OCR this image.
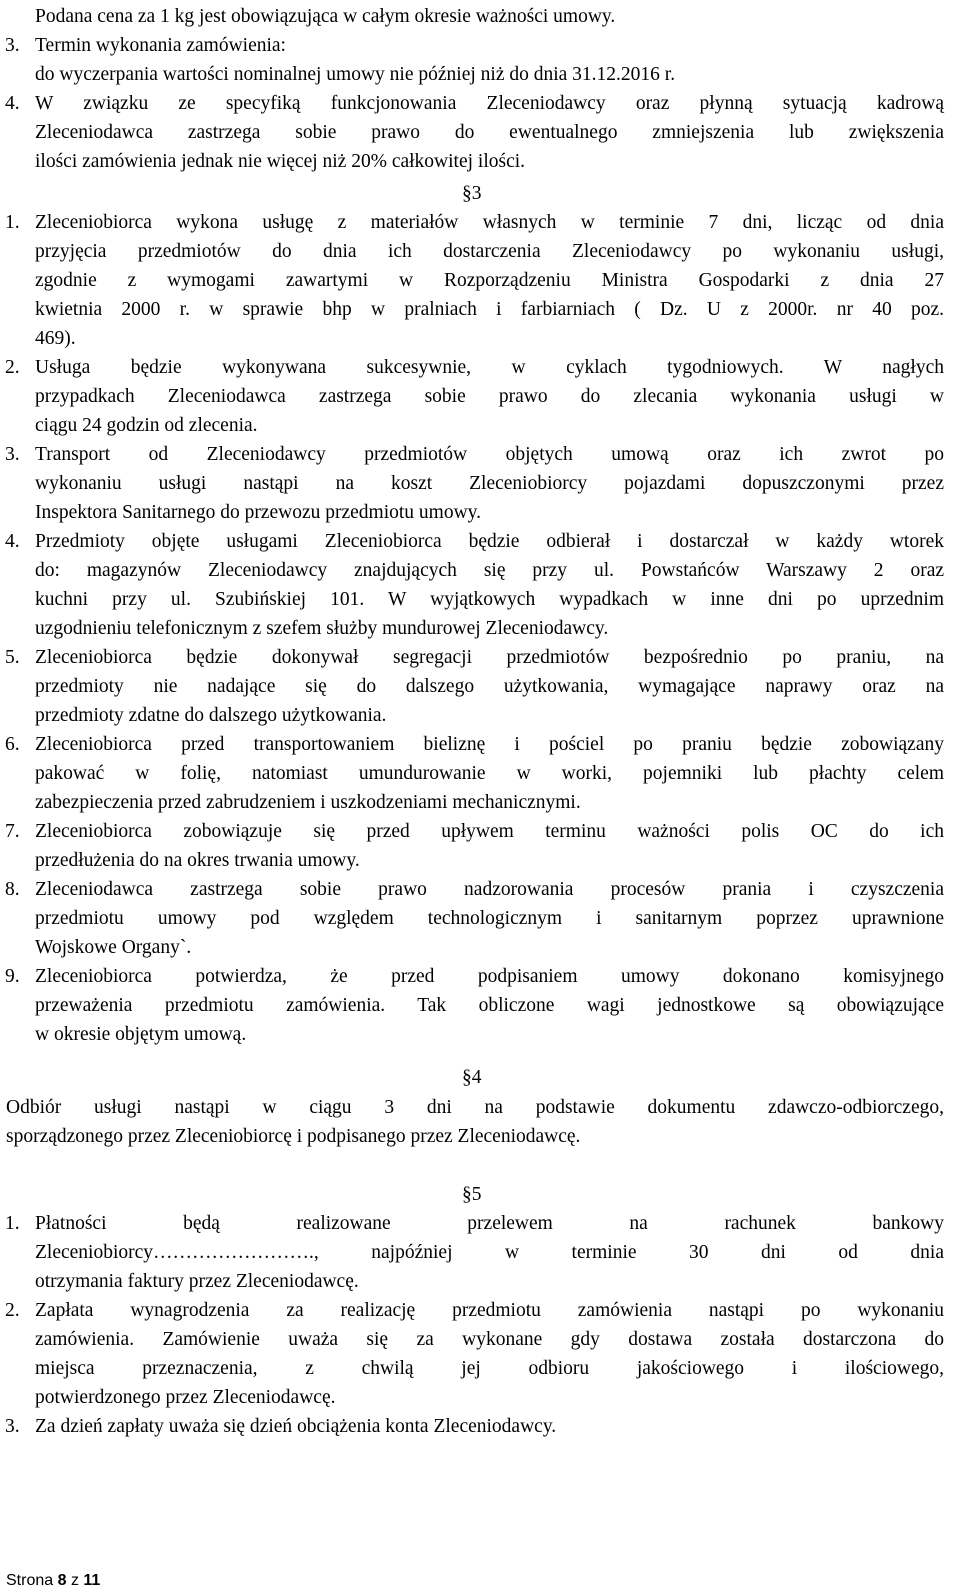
Podana cena za 1 kg jest obowiązująca w całym okresie ważności umowy.
3. Termin wykonania zamówienia:
do wyczerpania wartości nominalnej umowy nie później niż do dnia 31.12.2016 r.
4. W związku ze specyfiką funkcjonowania Zleceniodawcy oraz płynną sytuacją kadrową
Zleceniodawca zastrzega sobie prawo do ewentualnego zmniejszenia lub zwiększenia
ilości zamówienia jednak nie więcej niż 20% całkowitej ilości.
§3
1. Zleceniobiorca wykona usługę z materiałów własnych w terminie 7 dni, licząc od dnia
przyjęcia przedmiotów do dnia ich dostarczenia Zleceniodawcy po wykonaniu usługi,
zgodnie z wymogami zawartymi w Rozporządzeniu Ministra Gospodarki z dnia 27
kwietnia 2000 r. w sprawie bhp w pralniach i farbiarniach ( Dz. U z 2000r. nr 40 poz.
469).
2. Usługa będzie wykonywana sukcesywnie, w cyklach tygodniowych. W nagłych
przypadkach Zleceniodawca zastrzega sobie prawo do zlecania wykonania usługi w
ciągu 24 godzin od zlecenia.
3. Transport od Zleceniodawcy przedmiotów objętych umową oraz ich zwrot po
wykonaniu usługi nastąpi na koszt Zleceniobiorcy pojazdami dopuszczonymi przez
Inspektora Sanitarnego do przewozu przedmiotu umowy.
4. Przedmioty objęte usługami Zleceniobiorca będzie odbierał i dostarczał w każdy wtorek
do: magazynów Zleceniodawcy znajdujących się przy ul. Powstańców Warszawy 2 oraz
kuchni przy ul. Szubińskiej 101. W wyjątkowych wypadkach w inne dni po uprzednim
uzgodnieniu telefonicznym z szefem służby mundurowej Zleceniodawcy.
5. Zleceniobiorca będzie dokonywał segregacji przedmiotów bezpośrednio po praniu, na
przedmioty nie nadające się do dalszego użytkowania, wymagające naprawy oraz na
przedmioty zdatne do dalszego użytkowania.
6. Zleceniobiorca przed transportowaniem bieliznę i pościel po praniu będzie zobowiązany
pakować w folię, natomiast umundurowanie w worki, pojemniki lub płachty celem
zabezpieczenia przed zabrudzeniem i uszkodzeniami mechanicznymi.
7. Zleceniobiorca zobowiązuje się przed upływem terminu ważności polis OC do ich
przedłużenia do na okres trwania umowy.
8. Zleceniodawca zastrzega sobie prawo nadzorowania procesów prania i czyszczenia
przedmiotu umowy pod względem technologicznym i sanitarnym poprzez uprawnione
Wojskowe Organy`.
9. Zleceniobiorca potwierdza, że przed podpisaniem umowy dokonano komisyjnego
przeważenia przedmiotu zamówienia. Tak obliczone wagi jednostkowe są obowiązujące
w okresie objętym umową.
§4
Odbiór usługi nastąpi w ciągu 3 dni na podstawie dokumentu zdawczo-odbiorczego,
sporządzonego przez Zleceniobiorcę i podpisanego przez Zleceniodawcę.
§5
1. Płatności będą realizowane przelewem na rachunek bankowy
Zleceniobiorcy……………………., najpóźniej w terminie 30 dni od dnia
otrzymania faktury przez Zleceniodawcę.
2. Zapłata wynagrodzenia za realizację przedmiotu zamówienia nastąpi po wykonaniu
zamówienia. Zamówienie uważa się za wykonane gdy dostawa została dostarczona do
miejsca przeznaczenia, z chwilą jej odbioru jakościowego i ilościowego,
potwierdzonego przez Zleceniodawcę.
3. Za dzień zapłaty uważa się dzień obciążenia konta Zleceniodawcy.
Strona 8 z 11
